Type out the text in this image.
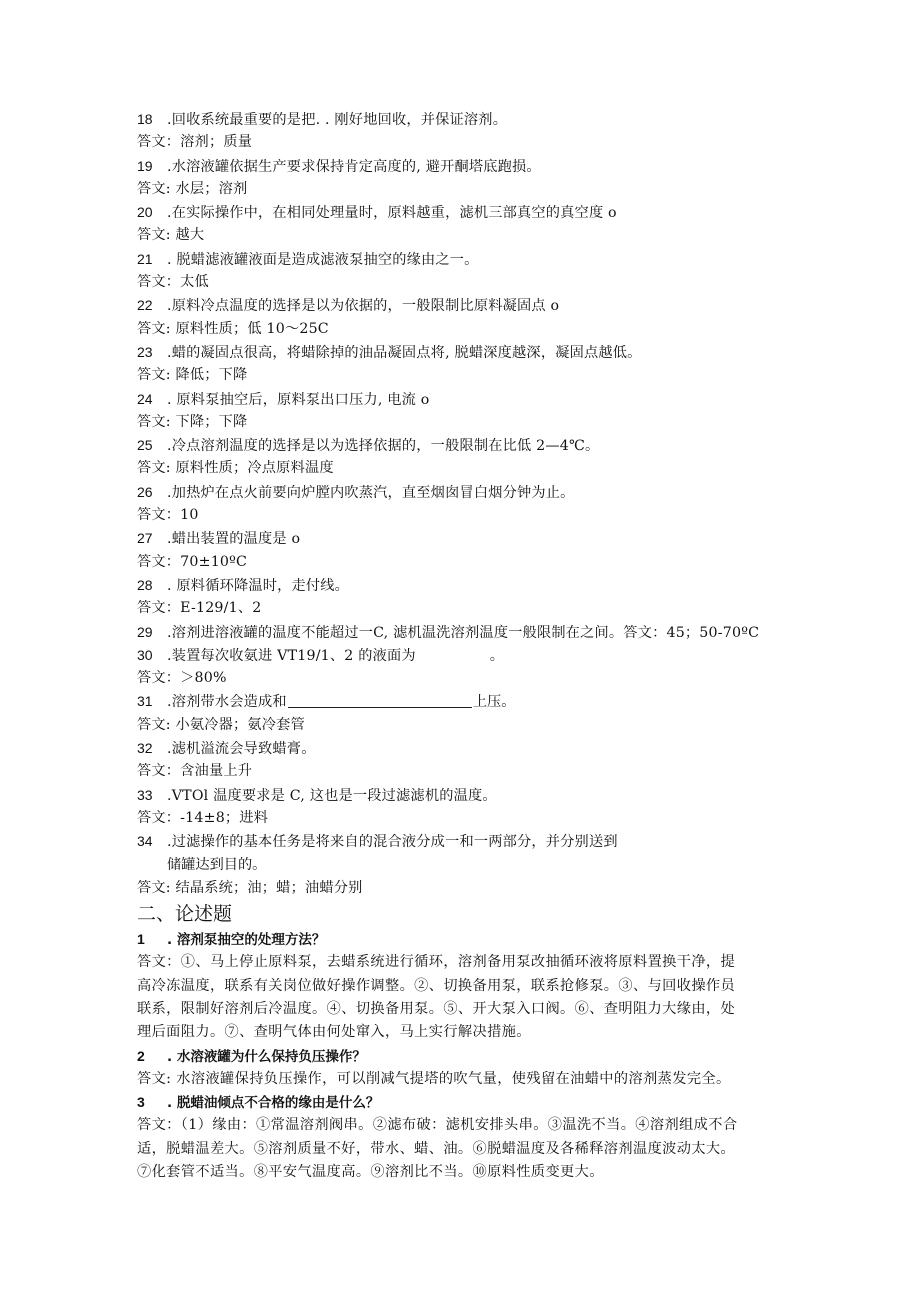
18 .回收系统最重要的是把. . 刚好地回收，并保证溶剂。
答文：溶剂；质量
19 .水溶液罐依据生产要求保持肯定高度的, 避开酮塔底跑损。
答文: 水层；溶剂
20 .在实际操作中，在相同处理量时，原料越重，滤机三部真空的真空度 o
答文: 越大
21 . 脱蜡滤液罐液面是造成滤液泵抽空的缘由之一。
答文：太低
22 .原料冷点温度的选择是以为依据的，一般限制比原料凝固点 o
答文: 原料性质；低 10～25C
23 .蜡的凝固点很高，将蜡除掉的油品凝固点将, 脱蜡深度越深，凝固点越低。
答文: 降低；下降
24 . 原料泵抽空后，原料泵出口压力, 电流 o
答文: 下降；下降
25 .冷点溶剂温度的选择是以为选择依据的，一般限制在比低 2—4℃。
答文: 原料性质；冷点原料温度
26 .加热炉在点火前要向炉膛内吹蒸汽，直至烟囱冒白烟分钟为止。
答文：10
27 .蜡出装置的温度是 o
答文：70±10ºC
28 . 原料循环降温时，走付线。
答文：E-129/1、2
29 .溶剂进溶液罐的温度不能超过一C, 滤机温洗溶剂温度一般限制在之间。答文：45；50-70ºC
30 .装置每次收氨进 VT19/1、2 的液面为	。
答文：＞80%
31 .溶剂带水会造成和	上压。
答文: 小氨冷器；氨冷套管
32 .滤机溢流会导致蜡膏。
答文：含油量上升
33 .VTOl 温度要求是 C, 这也是一段过滤滤机的温度。
答文：-14±8；进料
34 .过滤操作的基本任务是将来自的混合液分成一和一两部分，并分别送到
储罐达到目的。
答文: 结晶系统；油；蜡；油蜡分别
二、论述题
1 . 溶剂泵抽空的处理方法？
答文：①、马上停止原料泵，去蜡系统进行循环，溶剂备用泵改抽循环液将原料置换干净，提
高冷冻温度，联系有关岗位做好操作调整。②、切换备用泵，联系抢修泵。③、与回收操作员
联系，限制好溶剂后冷温度。④、切换备用泵。⑤、开大泵入口阀。⑥、查明阻力大缘由，处
理后面阻力。⑦、查明气体由何处窜入，马上实行解决措施。
2 . 水溶液罐为什么保持负压操作？
答文: 水溶液罐保持负压操作，可以削减气提塔的吹气量，使残留在油蜡中的溶剂蒸发完全。
3 . 脱蜡油倾点不合格的缘由是什么？
答文：（1）缘由：①常温溶剂阀串。②滤布破：滤机安排头串。③温洗不当。④溶剂组成不合
适，脱蜡温差大。⑤溶剂质量不好，带水、蜡、油。⑥脱蜡温度及各稀释溶剂温度波动太大。
⑦化套管不适当。⑧平安气温度高。⑨溶剂比不当。⑩原料性质变更大。
